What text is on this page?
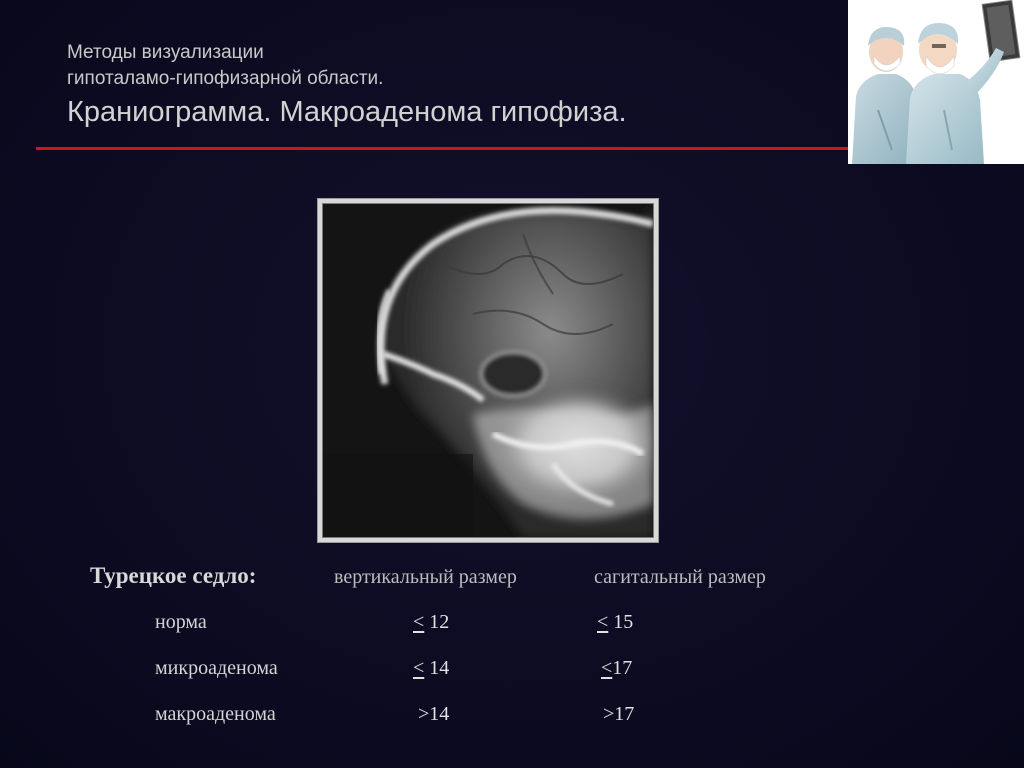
Методы визуализации
гипоталамо-гипофизарной области.
Краниограмма. Макроаденома гипофиза.
Турецкое седло:	вертикальный размер	сагитальный размер
норма	< 12	< 15
микроаденома	< 14	<17
макроаденома	>14	>17
